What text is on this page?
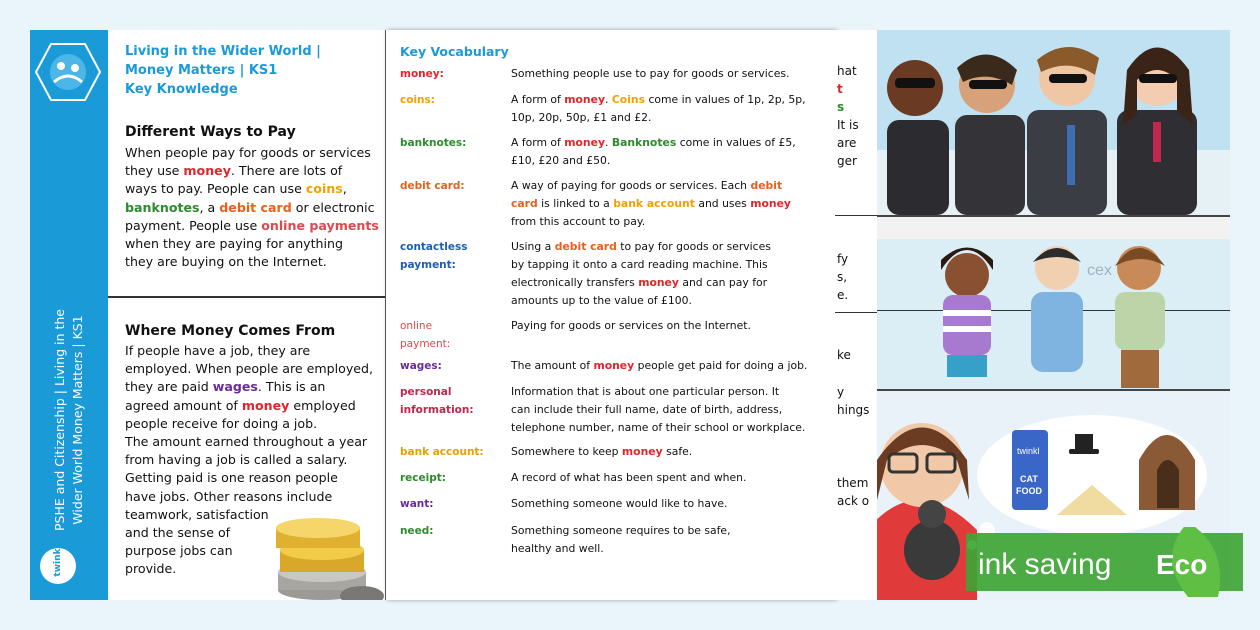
PSHE and Citizenship | Living in the Wider World Money Matters | KS1
twinkl
Living in the Wider World |
Money Matters | KS1
Key Knowledge
Different Ways to Pay
When people pay for goods or services
they use money. There are lots of
ways to pay. People can use coins,
banknotes, a debit card or electronic
payment. People use online payments
when they are paying for anything
they are buying on the Internet.
Where Money Comes From
If people have a job, they are
employed. When people are employed,
they are paid wages. This is an
agreed amount of money employed
people receive for doing a job.
The amount earned throughout a year
from having a job is called a salary.
Getting paid is one reason people
have jobs. Other reasons include
teamwork, satisfaction
and the sense of
purpose jobs can
provide.
Key Vocabulary
money:	Something people use to pay for goods or services.
coins:	A form of money. Coins come in values of 1p, 2p, 5p,
10p, 20p, 50p, £1 and £2.
banknotes:	A form of money. Banknotes come in values of £5,
£10, £20 and £50.
debit card:	A way of paying for goods or services. Each debit
card is linked to a bank account and uses money
from this account to pay.
contactless
payment:
Using a debit card to pay for goods or services
by tapping it onto a card reading machine. This
electronically transfers money and can pay for
amounts up to the value of £100.
online
payment:
Paying for goods or services on the Internet.
wages:	The amount of money people get paid for doing a job.
personal
information:
Information that is about one particular person. It
can include their full name, date of birth, address,
telephone number, name of their school or workplace.
bank account:	Somewhere to keep money safe.
receipt:	A record of what has been spent and when.
want:	Something someone would like to have.
need:	Something someone requires to be safe,
healthy and well.
hat
t
s
It is
are
ger
fy
s,
e.
ke
y
hings
them
ack o
cex
twinkl
CAT
FOOD
ink saving Eco
